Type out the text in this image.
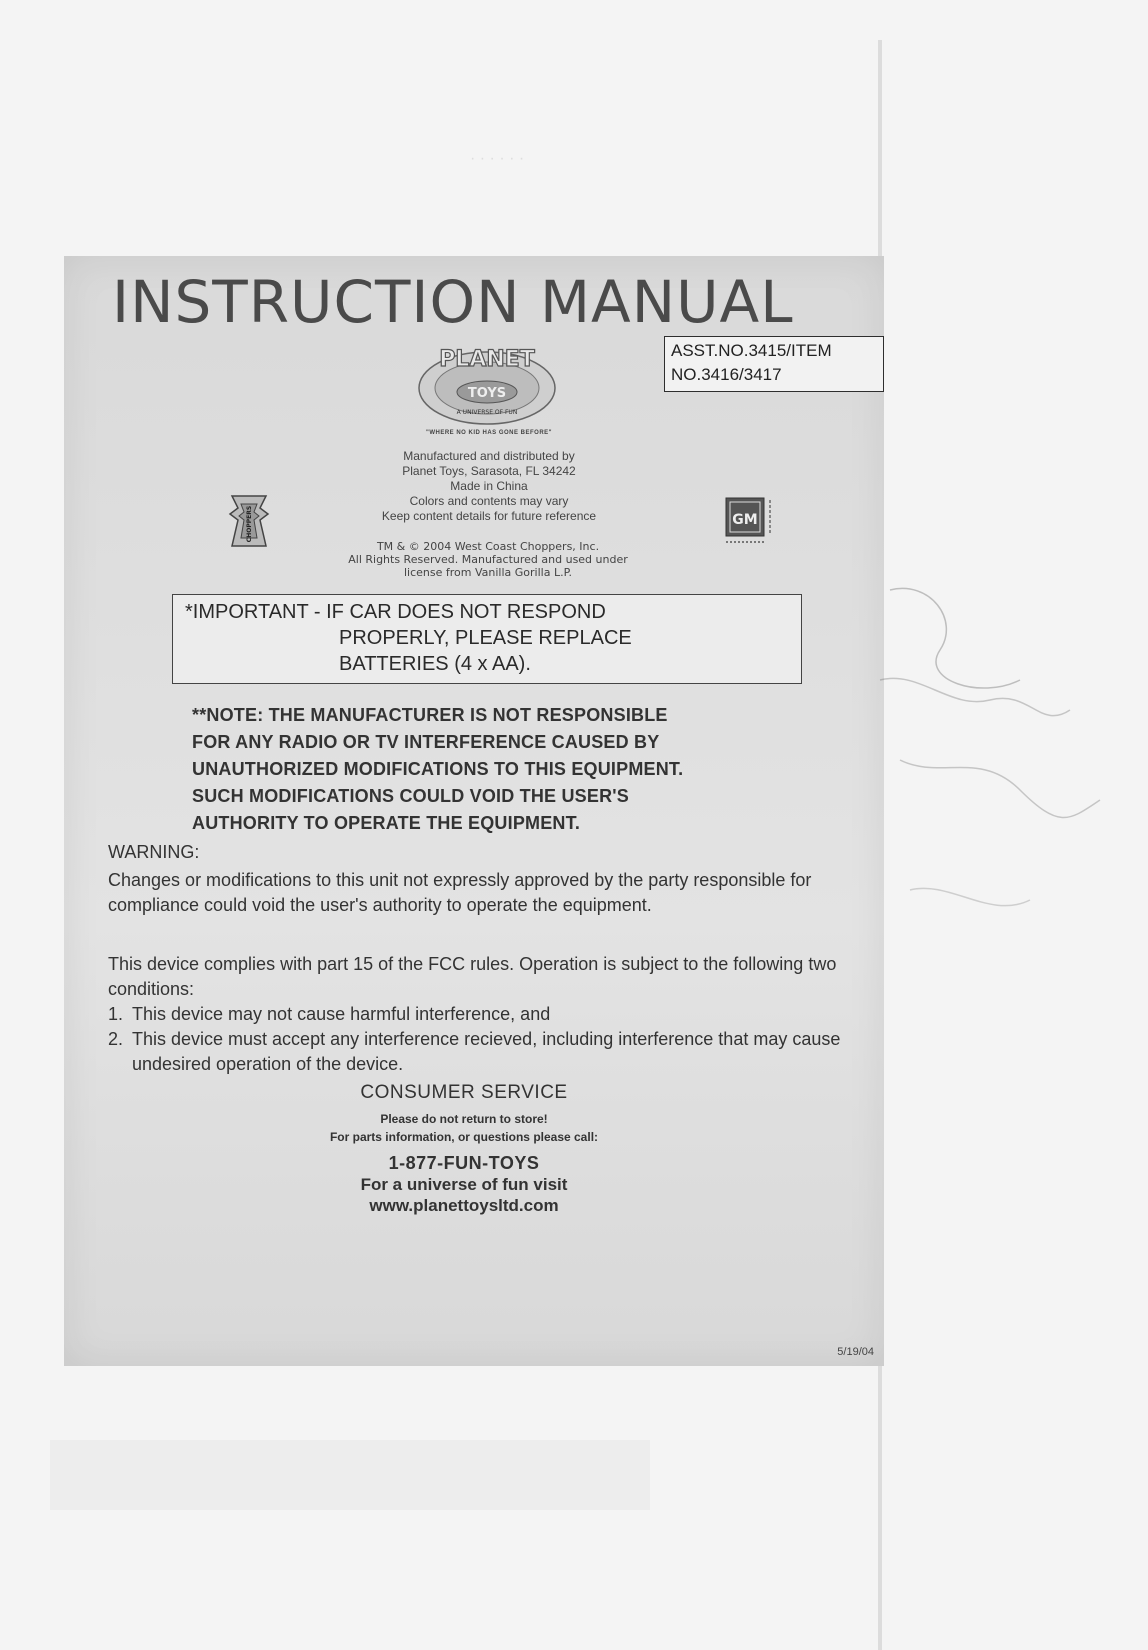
· · · · · ·
INSTRUCTION MANUAL
ASST.NO.3415/ITEM
NO.3416/3417
PLANET
TOYS
A UNIVERSE OF FUN
"WHERE NO KID HAS GONE BEFORE"
Manufactured and distributed by
Planet Toys, Sarasota, FL 34242
Made in China
Colors and contents may vary
Keep content details for future reference
CHOPPERS	GM
TM & © 2004 West Coast Choppers, Inc.
All Rights Reserved. Manufactured and used under
license from Vanilla Gorilla L.P.
*IMPORTANT - IF CAR DOES NOT RESPOND
PROPERLY, PLEASE REPLACE
BATTERIES (4 x AA).
**NOTE: THE MANUFACTURER IS NOT RESPONSIBLE
FOR ANY RADIO OR TV INTERFERENCE CAUSED BY
UNAUTHORIZED MODIFICATIONS TO THIS EQUIPMENT.
SUCH MODIFICATIONS COULD VOID THE USER'S
AUTHORITY TO OPERATE THE EQUIPMENT.
WARNING:
Changes or modifications to this unit not expressly approved by the party responsible for compliance could void the user's authority to operate the equipment.
This device complies with part 15 of the FCC rules. Operation is subject to the following two conditions:
1. This device may not cause harmful interference, and
2. This device must accept any interference recieved, including interference that may cause undesired operation of the device.
CONSUMER SERVICE
Please do not return to store!
For parts information, or questions please call:
1-877-FUN-TOYS
For a universe of fun visit
www.planettoysltd.com
5/19/04
